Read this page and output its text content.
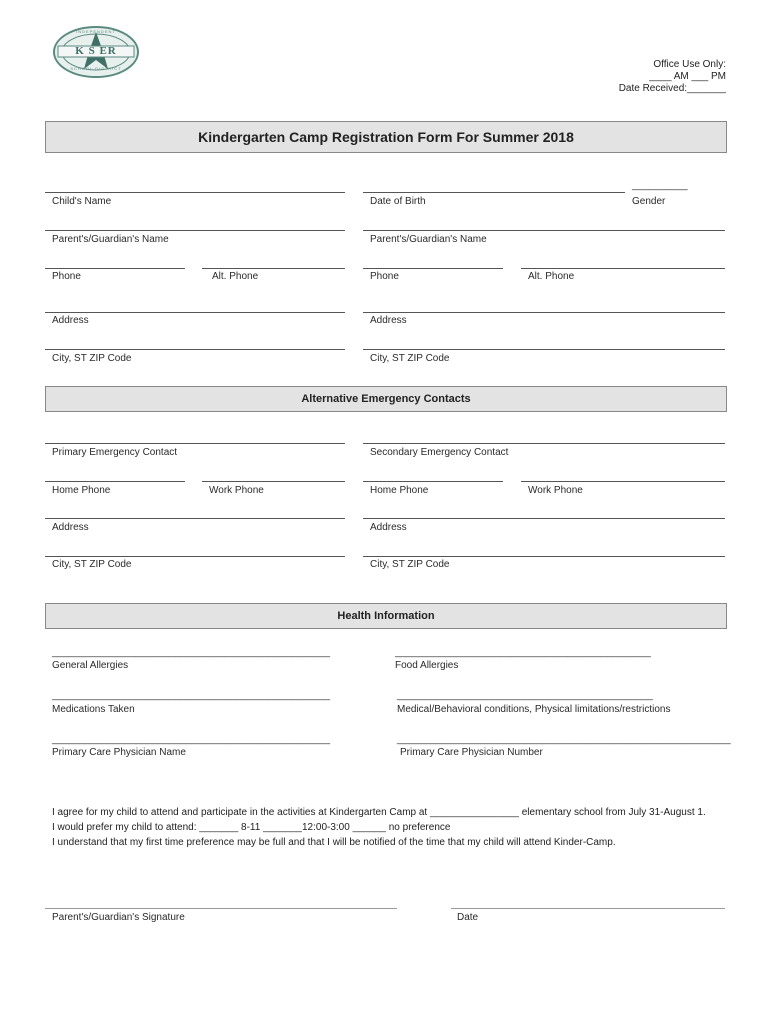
K S ER
INDEPENDENT
SCHOOL DISTRICT	Office Use Only:
____ AM ___ PM
Date Received:_______
Kindergarten Camp Registration Form For Summer 2018
__________
Child's Name	Date of Birth	Gender
Parent's/Guardian's Name	Parent's/Guardian's Name
Phone	Alt. Phone	Phone	Alt. Phone
Address	Address
City, ST ZIP Code	City, ST ZIP Code
Alternative Emergency Contacts
Primary Emergency Contact	Secondary Emergency Contact
Home Phone	Work Phone	Home Phone	Work Phone
Address	Address
City, ST ZIP Code	City, ST ZIP Code
Health Information
__________________________________________________	______________________________________________
General Allergies	Food Allergies
__________________________________________________	______________________________________________
Medications Taken	Medical/Behavioral conditions, Physical limitations/restrictions
__________________________________________________	____________________________________________________________
Primary Care Physician Name	Primary Care Physician Number
I agree for my child to attend and participate in the activities at Kindergarten Camp at ________________ elementary school from July 31-August 1.
I would prefer my child to attend: _______ 8-11 _______12:00-3:00 ______ no preference
I understand that my first time preference may be full and that I will be notified of the time that my child will attend Kinder-Camp.
Parent's/Guardian's Signature	Date
